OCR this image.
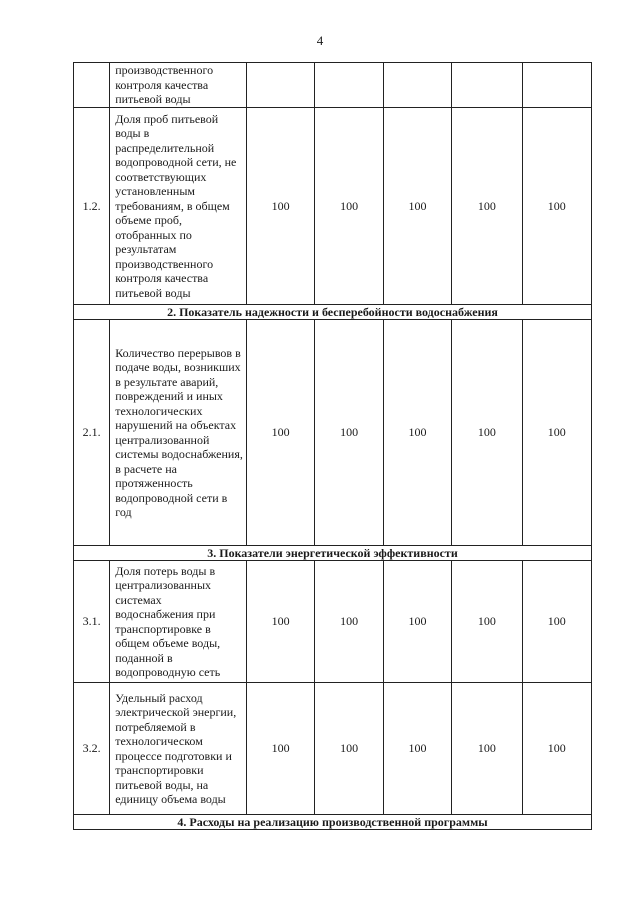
4
	производственного контроля качества питьевой воды					
1.2.	Доля проб питьевой воды в распределительной водопроводной сети, не соответствующих установленным требованиям, в общем объеме проб, отобранных по результатам производственного контроля качества питьевой воды	100	100	100	100	100
2. Показатель надежности и бесперебойности водоснабжения						
2.1.	Количество перерывов в подаче воды, возникших в результате аварий, повреждений и иных технологических нарушений на объектах централизованной системы водоснабжения, в расчете на протяженность водопроводной сети в год	100	100	100	100	100
3. Показатели энергетической эффективности						
3.1.	Доля потерь воды в централизованных системах водоснабжения при транспортировке в общем объеме воды, поданной в водопроводную сеть	100	100	100	100	100
3.2.	Удельный расход электрической энергии, потребляемой в технологическом процессе подготовки и транспортировки питьевой воды, на единицу объема воды	100	100	100	100	100
4. Расходы на реализацию производственной программы						
